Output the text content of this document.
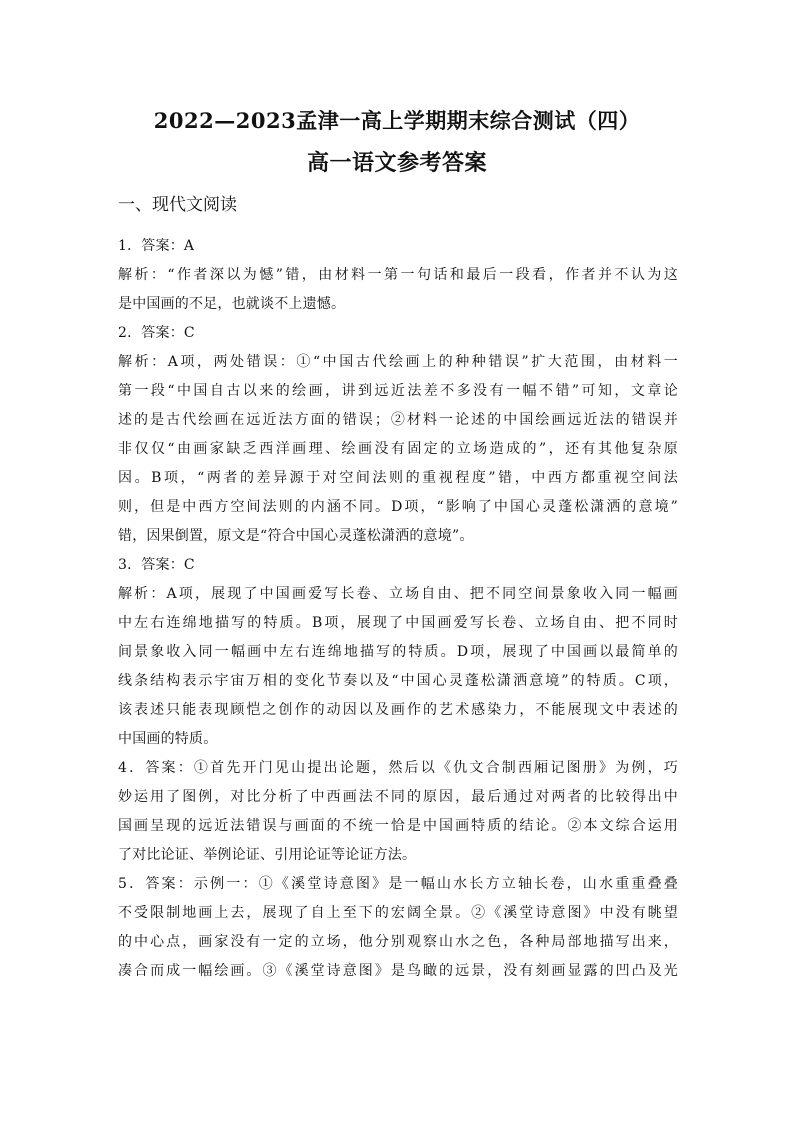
2022—2023孟津一高上学期期末综合测试（四）
高一语文参考答案
一、现代文阅读
1．答案：A
解析：“作者深以为憾”错，由材料一第一句话和最后一段看，作者并不认为这
是中国画的不足，也就谈不上遗憾。
2．答案：C
解析：A项，两处错误：①“中国古代绘画上的种种错误”扩大范围，由材料一
第一段“中国自古以来的绘画，讲到远近法差不多没有一幅不错”可知，文章论
述的是古代绘画在远近法方面的错误；②材料一论述的中国绘画远近法的错误并
非仅仅“由画家缺乏西洋画理、绘画没有固定的立场造成的”，还有其他复杂原
因。B项，“两者的差异源于对空间法则的重视程度”错，中西方都重视空间法
则，但是中西方空间法则的内涵不同。D项，“影响了中国心灵蓬松潇洒的意境”
错，因果倒置，原文是“符合中国心灵蓬松潇洒的意境”。
3．答案：C
解析：A项，展现了中国画爱写长卷、立场自由、把不同空间景象收入同一幅画
中左右连绵地描写的特质。B项，展现了中国画爱写长卷、立场自由、把不同时
间景象收入同一幅画中左右连绵地描写的特质。D项，展现了中国画以最简单的
线条结构表示宇宙万相的变化节奏以及“中国心灵蓬松潇洒意境”的特质。C项，
该表述只能表现顾恺之创作的动因以及画作的艺术感染力，不能展现文中表述的
中国画的特质。
4．答案：①首先开门见山提出论题，然后以《仇文合制西厢记图册》为例，巧
妙运用了图例，对比分析了中西画法不同的原因，最后通过对两者的比较得出中
国画呈现的远近法错误与画面的不统一恰是中国画特质的结论。②本文综合运用
了对比论证、举例论证、引用论证等论证方法。
5．答案：示例一：①《溪堂诗意图》是一幅山水长方立轴长卷，山水重重叠叠
不受限制地画上去，展现了自上至下的宏阔全景。②《溪堂诗意图》中没有眺望
的中心点，画家没有一定的立场，他分别观察山水之色，各种局部地描写出来，
凑合而成一幅绘画。③《溪堂诗意图》是鸟瞰的远景，没有刻画显露的凹凸及光
